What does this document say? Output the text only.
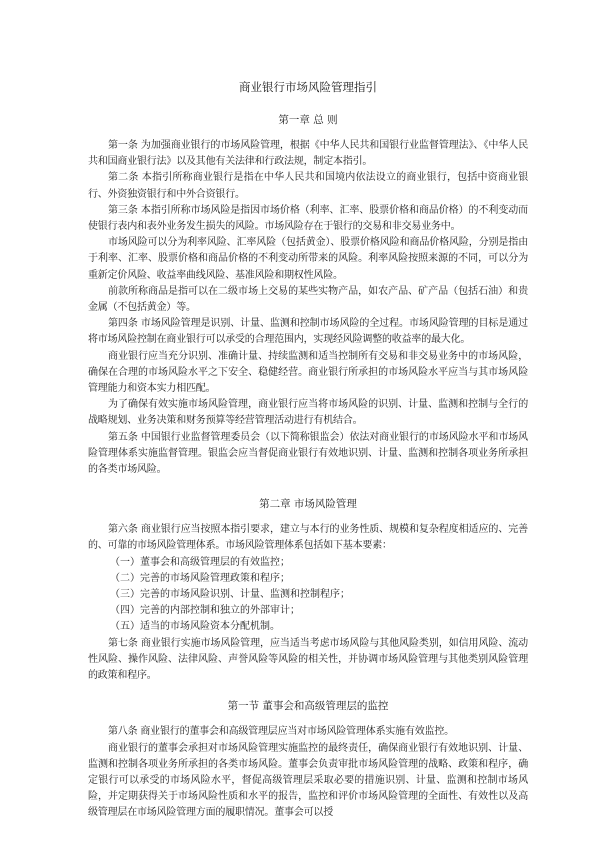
商业银行市场风险管理指引
第一章 总 则

第一条 为加强商业银行的市场风险管理，根据《中华人民共和国银行业监督管理法》、《中华人民共和国商业银行法》以及其他有关法律和行政法规，制定本指引。

第二条 本指引所称商业银行是指在中华人民共和国境内依法设立的商业银行，包括中资商业银行、外资独资银行和中外合资银行。

第三条 本指引所称市场风险是指因市场价格（利率、汇率、股票价格和商品价格）的不利变动而使银行表内和表外业务发生损失的风险。市场风险存在于银行的交易和非交易业务中。

市场风险可以分为利率风险、汇率风险（包括黄金）、股票价格风险和商品价格风险，分别是指由于利率、汇率、股票价格和商品价格的不利变动所带来的风险。利率风险按照来源的不同，可以分为重新定价风险、收益率曲线风险、基准风险和期权性风险。

前款所称商品是指可以在二级市场上交易的某些实物产品，如农产品、矿产品（包括石油）和贵金属（不包括黄金）等。

第四条 市场风险管理是识别、计量、监测和控制市场风险的全过程。市场风险管理的目标是通过将市场风险控制在商业银行可以承受的合理范围内，实现经风险调整的收益率的最大化。

商业银行应当充分识别、准确计量、持续监测和适当控制所有交易和非交易业务中的市场风险，确保在合理的市场风险水平之下安全、稳健经营。商业银行所承担的市场风险水平应当与其市场风险管理能力和资本实力相匹配。

为了确保有效实施市场风险管理，商业银行应当将市场风险的识别、计量、监测和控制与全行的战略规划、业务决策和财务预算等经营管理活动进行有机结合。

第五条 中国银行业监督管理委员会（以下简称银监会）依法对商业银行的市场风险水平和市场风险管理体系实施监督管理。银监会应当督促商业银行有效地识别、计量、监测和控制各项业务所承担的各类市场风险。

第二章 市场风险管理

第六条 商业银行应当按照本指引要求，建立与本行的业务性质、规模和复杂程度相适应的、完善的、可靠的市场风险管理体系。市场风险管理体系包括如下基本要素：

（一）董事会和高级管理层的有效监控；
（二）完善的市场风险管理政策和程序；
（三）完善的市场风险识别、计量、监测和控制程序；
（四）完善的内部控制和独立的外部审计；
（五）适当的市场风险资本分配机制。

第七条 商业银行实施市场风险管理，应当适当考虑市场风险与其他风险类别，如信用风险、流动性风险、操作风险、法律风险、声誉风险等风险的相关性，并协调市场风险管理与其他类别风险管理的政策和程序。

第一节 董事会和高级管理层的监控

第八条 商业银行的董事会和高级管理层应当对市场风险管理体系实施有效监控。

商业银行的董事会承担对市场风险管理实施监控的最终责任，确保商业银行有效地识别、计量、监测和控制各项业务所承担的各类市场风险。董事会负责审批市场风险管理的战略、政策和程序，确定银行可以承受的市场风险水平，督促高级管理层采取必要的措施识别、计量、监测和控制市场风险，并定期获得关于市场风险性质和水平的报告，监控和评价市场风险管理的全面性、有效性以及高级管理层在市场风险管理方面的履职情况。董事会可以授
